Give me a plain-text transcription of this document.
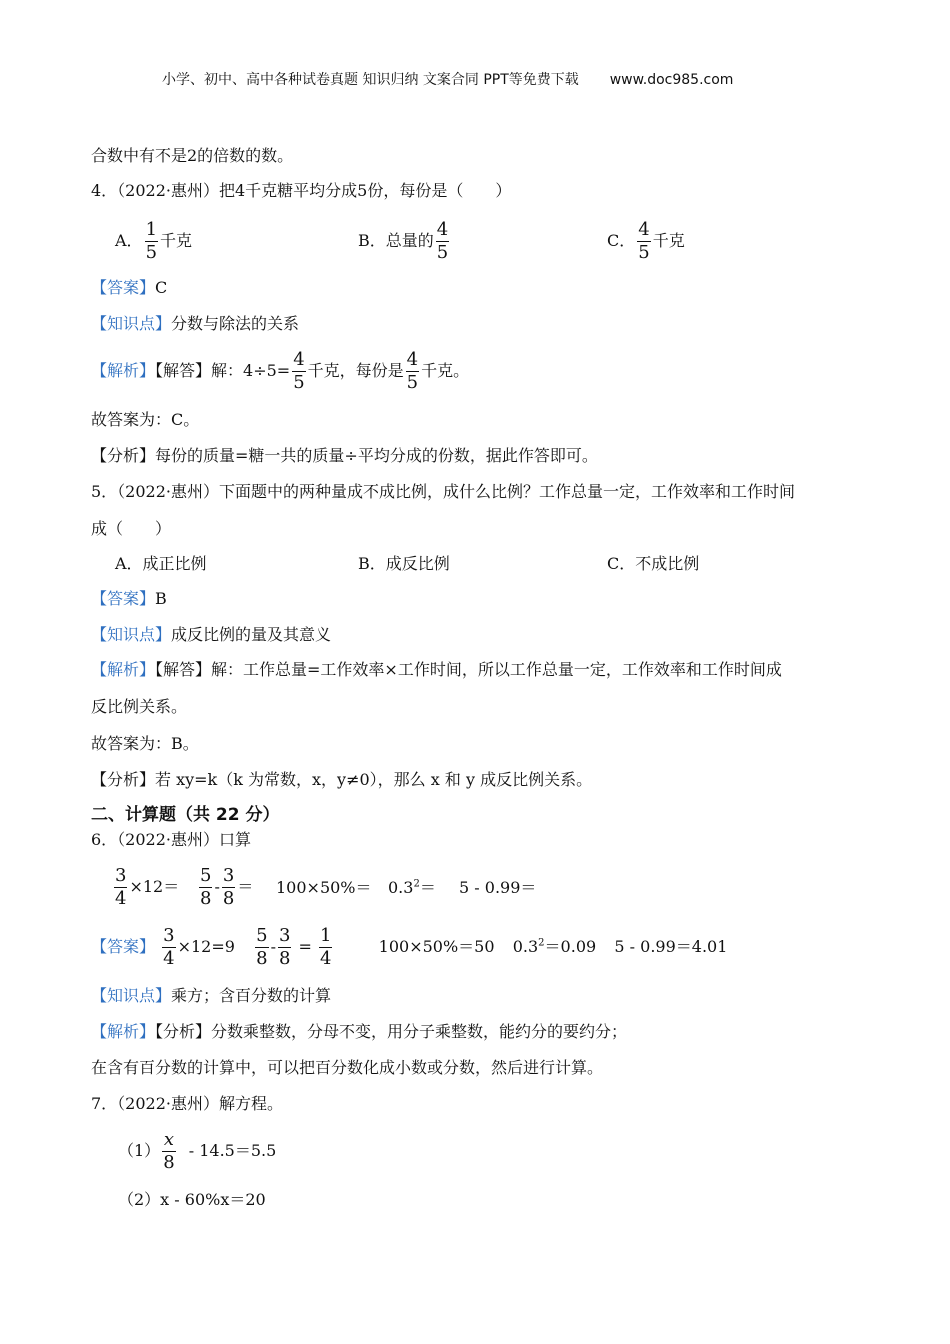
小学、初中、高中各种试卷真题 知识归纳 文案合同 PPT等免费下载 www.doc985.com
合数中有不是2的倍数的数。
4．（2022·惠州）把4千克糖平均分成5份，每份是（　　）
A． $\frac{1}{5}$ 千克	B．总量的 $\frac{4}{5}$	C． $\frac{4}{5}$ 千克
【答案】C
【知识点】分数与除法的关系
【解析】【解答】解：$4\div 5= \frac{4}{5}$ 千克，每份是 $\frac{4}{5}$ 千克。
故答案为：C。
【分析】每份的质量=糖一共的质量÷平均分成的份数，据此作答即可。
5．（2022·惠州）下面题中的两种量成不成比例，成什么比例？工作总量一定，工作效率和工作时间
成（　　）
A．成正比例	B．成反比例	C．不成比例
【答案】B
【知识点】成反比例的量及其意义
【解析】【解答】解：工作总量=工作效率×工作时间，所以工作总量一定，工作效率和工作时间成
反比例关系。
故答案为：B。
【分析】若 xy=k（k 为常数，x，y≠0），那么 x 和 y 成反比例关系。
二、计算题（共 22 分）
6．（2022·惠州）口算
$\frac{3}{4} \times 12= \frac{5}{8} - \frac{3}{8} = 100\times 50\%= 0.3^2= 5 - 0.99=$
【答案】 $\frac{3}{4} \times 12=9 \frac{5}{8} - \frac{3}{8} = \frac{1}{4}$	100×50%＝50 $0.3^2=0.09$ 5 - 0.99＝4.01
【知识点】乘方；含百分数的计算
【解析】【分析】分数乘整数，分母不变，用分子乘整数，能约分的要约分；
在含有百分数的计算中，可以把百分数化成小数或分数，然后进行计算。
7．（2022·惠州）解方程。
$(1) \frac{x}{8} - 14.5=5.5$
（2）x - 60%x＝20
